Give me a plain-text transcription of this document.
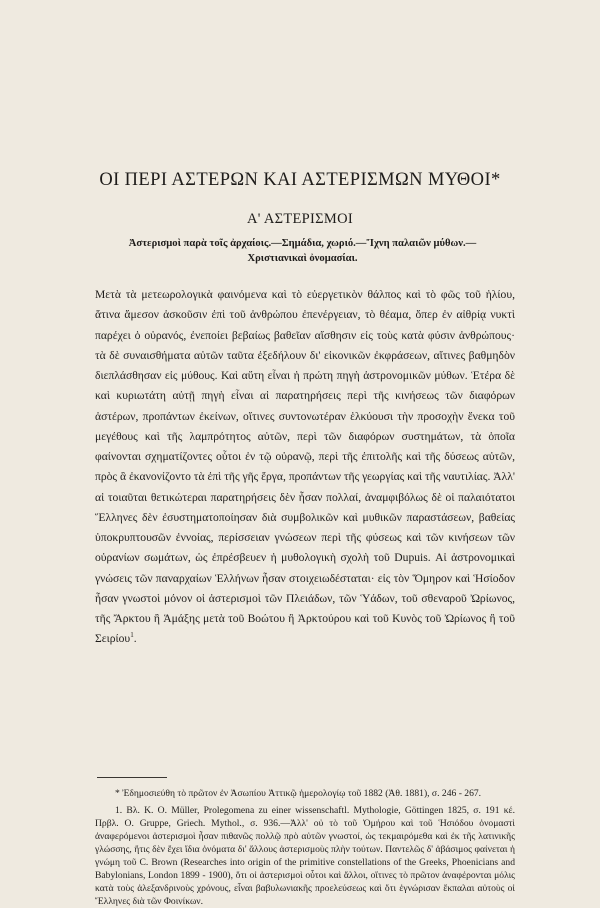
ΟΙ ΠΕΡΙ ΑΣΤΕΡΩΝ ΚΑΙ ΑΣΤΕΡΙΣΜΩΝ ΜΥΘΟΙ*
Α' ΑΣΤΕΡΙΣΜΟΙ

Ἀστερισμοὶ παρὰ τοῖς ἀρχαίοις.—Σημάδια, χωριό.—Ἴχνη παλαιῶν μύθων.—Χριστιανικαὶ ὀνομασίαι.

Μετὰ τὰ μετεωρολογικὰ φαινόμενα καὶ τὸ εὐεργετικὸν θάλπος καὶ τὸ φῶς τοῦ ἡλίου, ἅτινα ἄμεσον ἀσκοῦσιν ἐπὶ τοῦ ἀνθρώπου ἐπενέργειαν, τὸ θέαμα, ὅπερ ἐν αἰθρίᾳ νυκτὶ παρέχει ὁ οὐρανός, ἐνεποίει βεβαίως βαθεῖαν αἴσθησιν εἰς τοὺς κατὰ φύσιν ἀνθρώπους· τὰ δὲ συναισθήματα αὐτῶν ταῦτα ἐξεδήλουν δι' εἰκονικῶν ἐκφράσεων, αἵτινες βαθμηδὸν διεπλάσθησαν εἰς μύθους. Καὶ αὕτη εἶναι ἡ πρώτη πηγὴ ἀστρονομικῶν μύθων. Ἑτέρα δὲ καὶ κυριωτάτη αὐτῇ πηγὴ εἶναι αἱ παρατηρήσεις περὶ τῆς κινήσεως τῶν διαφόρων ἀστέρων, προπάντων ἐκείνων, οἵτινες συντονωτέραν ἑλκύουσι τὴν προσοχὴν ἕνεκα τοῦ μεγέθους καὶ τῆς λαμπρότητος αὐτῶν, περὶ τῶν διαφόρων συστημάτων, τὰ ὁποῖα φαίνονται σχηματίζοντες οὗτοι ἐν τῷ οὐρανῷ, περὶ τῆς ἐπιτολῆς καὶ τῆς δύσεως αὐτῶν, πρὸς ἃ ἐκανονίζοντο τὰ ἐπὶ τῆς γῆς ἔργα, προπάντων τῆς γεωργίας καὶ τῆς ναυτιλίας. Ἀλλ' αἱ τοιαῦται θετικώτεραι παρατηρήσεις δὲν ἦσαν πολλαί, ἀναμφιβόλως δὲ οἱ παλαιότατοι Ἕλληνες δὲν ἐσυστηματοποίησαν διὰ συμβολικῶν καὶ μυθικῶν παραστάσεων, βαθείας ὑποκρυπτουσῶν ἐννοίας, περίσσειαν γνώσεων περὶ τῆς φύσεως καὶ τῶν κινήσεων τῶν οὐρανίων σωμάτων, ὡς ἐπρέσβευεν ἡ μυθολογικὴ σχολὴ τοῦ Dupuis. Αἱ ἀστρονομικαὶ γνώσεις τῶν παναρχαίων Ἑλλήνων ἦσαν στοιχειωδέσταται· εἰς τὸν Ὅμηρον καὶ Ἡσίοδον ἦσαν γνωστοὶ μόνον οἱ ἀστερισμοὶ τῶν Πλειάδων, τῶν Ὑάδων, τοῦ σθεναροῦ Ὠρίωνος, τῆς Ἄρκτου ἢ Ἁμάξης μετὰ τοῦ Βοώτου ἢ Ἀρκτούρου καὶ τοῦ Κυνὸς τοῦ Ὠρίωνος ἢ τοῦ Σειρίου$^1$.

* Ἐδημοσιεύθη τὸ πρῶτον ἐν Ἀσωπίου Ἀττικῷ ἡμερολογίῳ τοῦ 1882 (Ἀθ. 1881), σ. 246 - 267.

1. Βλ. K. O. Müller, Prolegomena zu einer wissenschaftl. Mythologie, Göttingen 1825, σ. 191 κέ. Πρβλ. O. Gruppe, Griech. Mythol., σ. 936.—Ἀλλ' οὐ τὸ τοῦ Ὁμήρου καὶ τοῦ Ἡσιόδου ὀνομαστὶ ἀναφερόμενοι ἀστερισμοὶ ἦσαν πιθανῶς πολλῷ πρὸ αὐτῶν γνωστοί, ὡς τεκμαιρόμεθα καὶ ἐκ τῆς λατινικῆς γλώσσης, ἥτις δὲν ἔχει ἴδια ὀνόματα δι' ἄλλους ἀστερισμοὺς πλὴν τούτων. Παντελῶς δ' ἀβάσιμος φαίνεται ἡ γνώμη τοῦ C. Brown (Researches into origin of the primitive constellations of the Greeks, Phoenicians and Babylonians, London 1899 - 1900), ὅτι οἱ ἀστερισμοὶ οὗτοι καὶ ἄλλοι, οἵτινες τὸ πρῶτον ἀναφέρονται μόλις κατὰ τοὺς ἀλεξανδρινοὺς χρόνους, εἶναι βαβυλωνιακῆς προελεύσεως καὶ ὅτι ἐγνώρισαν ἔκπαλαι αὐτοὺς οἱ Ἕλληνες διὰ τῶν Φοινίκων.
